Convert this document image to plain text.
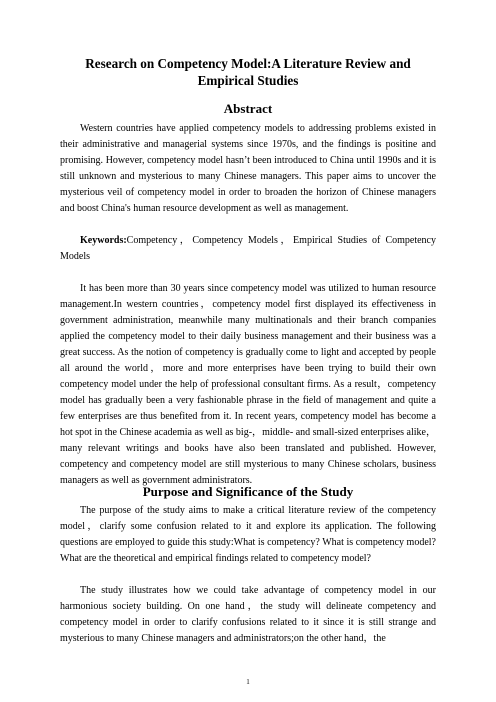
Research on Competency Model:A Literature Review and
Empirical Studies
Abstract
Western countries have applied competency models to addressing problems existed in their administrative and managerial systems since 1970s, and the findings is positine and promising. However, competency model hasn’t been introduced to China until 1990s and it is still unknown and mysterious to many Chinese managers. This paper aims to uncover the mysterious veil of competency model in order to broaden the horizon of Chinese managers and boost China's human resource development as well as management.
Keywords:Competency，Competency Models，Empirical Studies of Competency Models
It has been more than 30 years since competency model was utilized to human resource management.In western countries，competency model first displayed its effectiveness in government administration, meanwhile many multinationals and their branch companies applied the competency model to their daily business management and their business was a great success. As the notion of competency is gradually come to light and accepted by people all around the world，more and more enterprises have been trying to build their own competency model under the help of professional consultant firms. As a result，competency model has gradually been a very fashionable phrase in the field of management and quite a few enterprises are thus benefited from it. In recent years, competency model has become a hot spot in the Chinese academia as well as big-，middle- and small-sized enterprises alike，many relevant writings and books have also been translated and published. However, competency and competency model are still mysterious to many Chinese scholars, business managers as well as government administrators.
Purpose and Significance of the Study
The purpose of the study aims to make a critical literature review of the competency model，clarify some confusion related to it and explore its application. The following questions are employed to guide this study:What is competency? What is competency model? What are the theoretical and empirical findings related to competency model?
The study illustrates how we could take advantage of competency model in our harmonious society building. On one hand，the study will delineate competency and competency model in order to clarify confusions related to it since it is still strange and mysterious to many Chinese managers and administrators;on the other hand，the
1
